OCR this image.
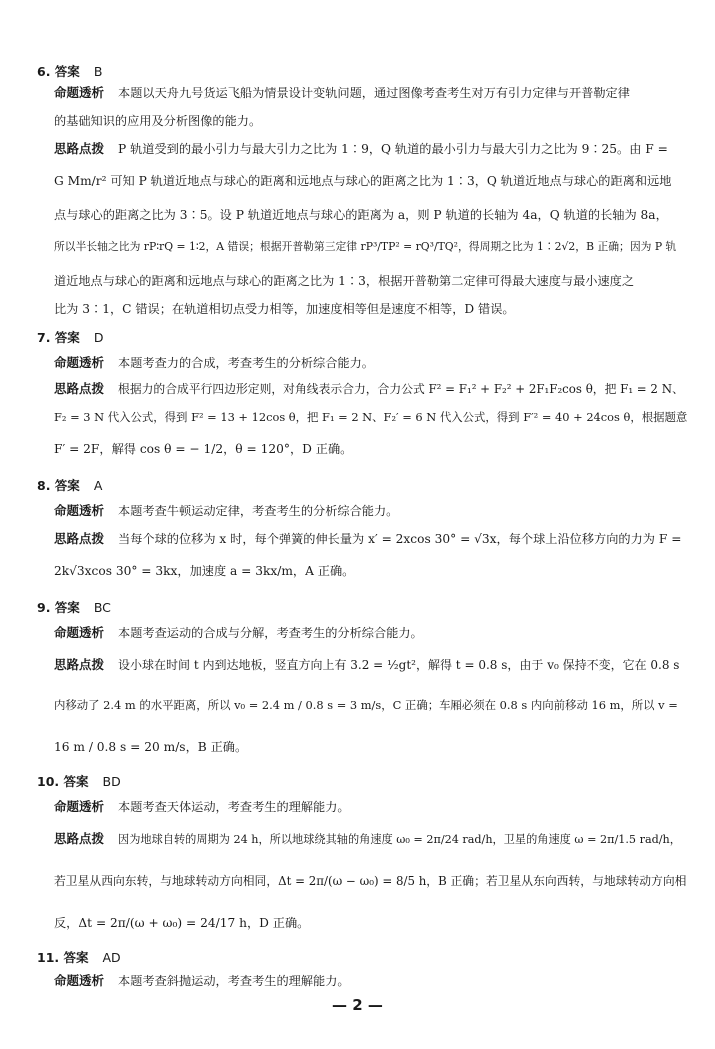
6. 答案 B
命题透析 本题以天舟九号货运飞船为情景设计变轨问题，通过图像考查考生对万有引力定律与开普勒定律
的基础知识的应用及分析图像的能力。
思路点拨 P 轨道受到的最小引力与最大引力之比为 1∶9，Q 轨道的最小引力与最大引力之比为 9∶25。由 F =
G Mm/r² 可知 P 轨道近地点与球心的距离和远地点与球心的距离之比为 1∶3，Q 轨道近地点与球心的距离和远地
点与球心的距离之比为 3∶5。设 P 轨道近地点与球心的距离为 a，则 P 轨道的长轴为 4a，Q 轨道的长轴为 8a，
所以半长轴之比为 rP∶rQ = 1∶2，A 错误；根据开普勒第三定律 rP³/TP² = rQ³/TQ²，得周期之比为 1∶2√2，B 正确；因为 P 轨
道近地点与球心的距离和远地点与球心的距离之比为 1∶3，根据开普勒第二定律可得最大速度与最小速度之
比为 3∶1，C 错误；在轨道相切点受力相等，加速度相等但是速度不相等，D 错误。
7. 答案 D
命题透析 本题考查力的合成，考查考生的分析综合能力。
思路点拨 根据力的合成平行四边形定则，对角线表示合力，合力公式 F² = F₁² + F₂² + 2F₁F₂cos θ，把 F₁ = 2 N、
F₂ = 3 N 代入公式，得到 F² = 13 + 12cos θ，把 F₁ = 2 N、F₂′ = 6 N 代入公式，得到 F′² = 40 + 24cos θ，根据题意
F′ = 2F，解得 cos θ = − 1/2，θ = 120°，D 正确。
8. 答案 A
命题透析 本题考查牛顿运动定律，考查考生的分析综合能力。
思路点拨 当每个球的位移为 x 时，每个弹簧的伸长量为 x′ = 2xcos 30° = √3x，每个球上沿位移方向的力为 F =
2k√3xcos 30° = 3kx，加速度 a = 3kx/m，A 正确。
9. 答案 BC
命题透析 本题考查运动的合成与分解，考查考生的分析综合能力。
思路点拨 设小球在时间 t 内到达地板，竖直方向上有 3.2 = ½gt²，解得 t = 0.8 s，由于 v₀ 保持不变，它在 0.8 s
内移动了 2.4 m 的水平距离，所以 v₀ = 2.4 m / 0.8 s = 3 m/s，C 正确；车厢必须在 0.8 s 内向前移动 16 m，所以 v =
16 m / 0.8 s = 20 m/s，B 正确。
10. 答案 BD
命题透析 本题考查天体运动，考查考生的理解能力。
思路点拨 因为地球自转的周期为 24 h，所以地球绕其轴的角速度 ω₀ = 2π/24 rad/h，卫星的角速度 ω = 2π/1.5 rad/h，
若卫星从西向东转，与地球转动方向相同，Δt = 2π/(ω − ω₀) = 8/5 h，B 正确；若卫星从东向西转，与地球转动方向相
反，Δt = 2π/(ω + ω₀) = 24/17 h，D 正确。
11. 答案 AD
命题透析 本题考查斜抛运动，考查考生的理解能力。
— 2 —
